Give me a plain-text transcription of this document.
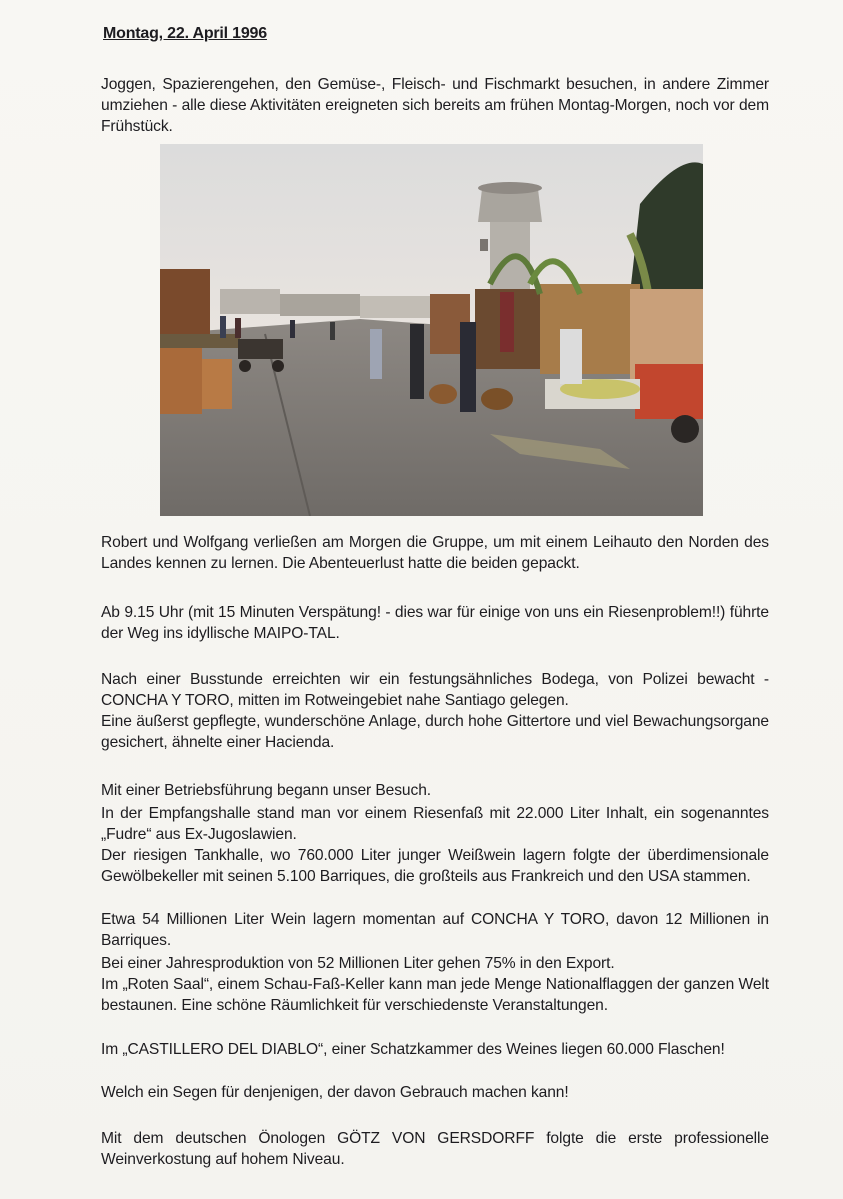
Montag, 22. April 1996

Joggen, Spazierengehen, den Gemüse-, Fleisch- und Fischmarkt besuchen, in andere Zimmer umziehen - alle diese Aktivitäten ereigneten sich bereits am frühen Montag-Morgen, noch vor dem Frühstück.

Robert und Wolfgang verließen am Morgen die Gruppe, um mit einem Leihauto den Norden des Landes kennen zu lernen. Die Abenteuerlust hatte die beiden gepackt.

Ab 9.15 Uhr (mit 15 Minuten Verspätung! - dies war für einige von uns ein Riesenproblem!!) führte der Weg ins idyllische MAIPO-TAL.

Nach einer Busstunde erreichten wir ein festungsähnliches Bodega, von Polizei bewacht - CONCHA Y TORO, mitten im Rotweingebiet nahe Santiago gelegen.

Eine äußerst gepflegte, wunderschöne Anlage, durch hohe Gittertore und viel Bewachungsorgane gesichert, ähnelte einer Hacienda.

Mit einer Betriebsführung begann unser Besuch.

In der Empfangshalle stand man vor einem Riesenfaß mit 22.000 Liter Inhalt, ein sogenanntes „Fudre“ aus Ex-Jugoslawien.

Der riesigen Tankhalle, wo 760.000 Liter junger Weißwein lagern folgte der überdimensionale Gewölbekeller mit seinen 5.100 Barriques, die großteils aus Frankreich und den USA stammen.

Etwa 54 Millionen Liter Wein lagern momentan auf CONCHA Y TORO, davon 12 Millionen in Barriques.

Bei einer Jahresproduktion von 52 Millionen Liter gehen 75% in den Export.

Im „Roten Saal“, einem Schau-Faß-Keller kann man jede Menge Nationalflaggen der ganzen Welt bestaunen. Eine schöne Räumlichkeit für verschiedenste Veranstaltungen.

Im „CASTILLERO DEL DIABLO“, einer Schatzkammer des Weines liegen 60.000 Flaschen!

Welch ein Segen für denjenigen, der davon Gebrauch machen kann!

Mit dem deutschen Önologen GÖTZ VON GERSDORFF folgte die erste professionelle Weinverkostung auf hohem Niveau.
